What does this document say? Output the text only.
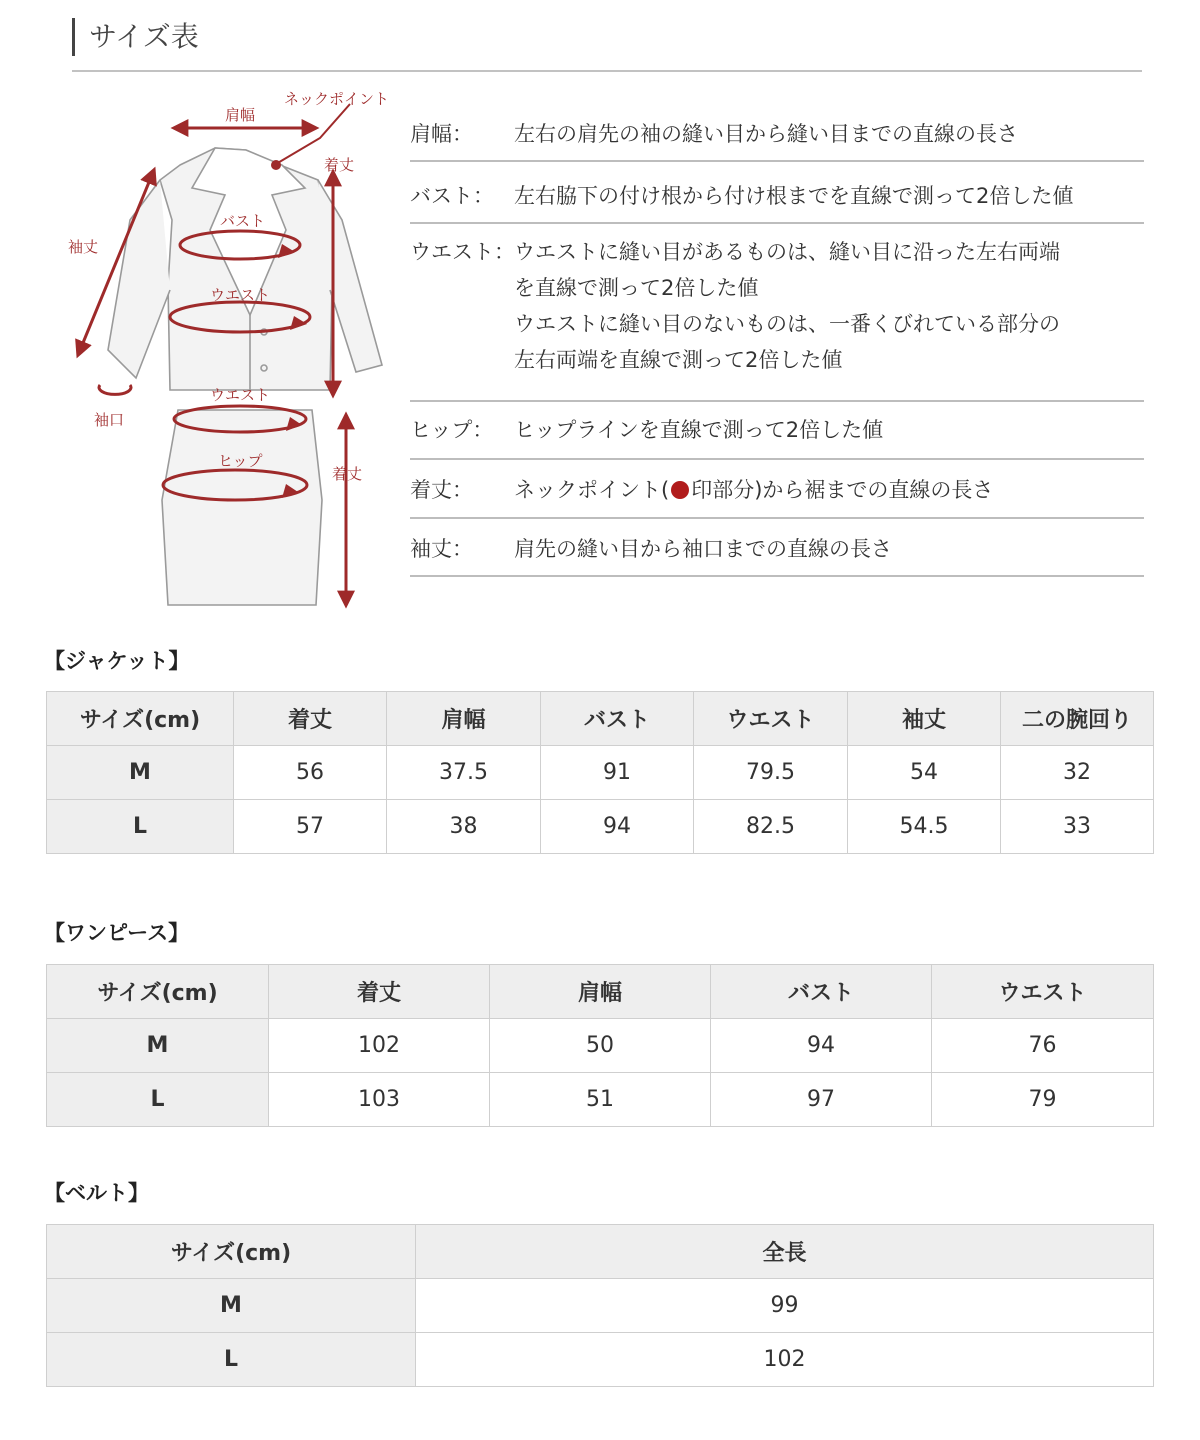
サイズ表
肩幅
ネックポイント
着丈
袖丈
バスト
ウエスト
ウエスト
袖口
ヒップ
着丈
肩幅：	左右の肩先の袖の縫い目から縫い目までの直線の長さ
バスト： 左右脇下の付け根から付け根までを直線で測って2倍した値
ウエスト： ウエストに縫い目があるものは、縫い目に沿った左右両端
を直線で測って2倍した値
ウエストに縫い目のないものは、一番くびれている部分の
左右両端を直線で測って2倍した値
ヒップ： ヒップラインを直線で測って2倍した値
着丈：	ネックポイント( 印部分)から裾までの直線の長さ
袖丈：	肩先の縫い目から袖口までの直線の長さ
【ジャケット】
サイズ(cm)	着丈	肩幅	バスト	ウエスト	袖丈	二の腕回り
M	56	37.5	91	79.5	54	32
L	57	38	94	82.5	54.5	33
【ワンピース】
サイズ(cm)	着丈	肩幅	バスト	ウエスト
M	102	50	94	76
L	103	51	97	79
【ベルト】
サイズ(cm)	全長
M	99
L	102
